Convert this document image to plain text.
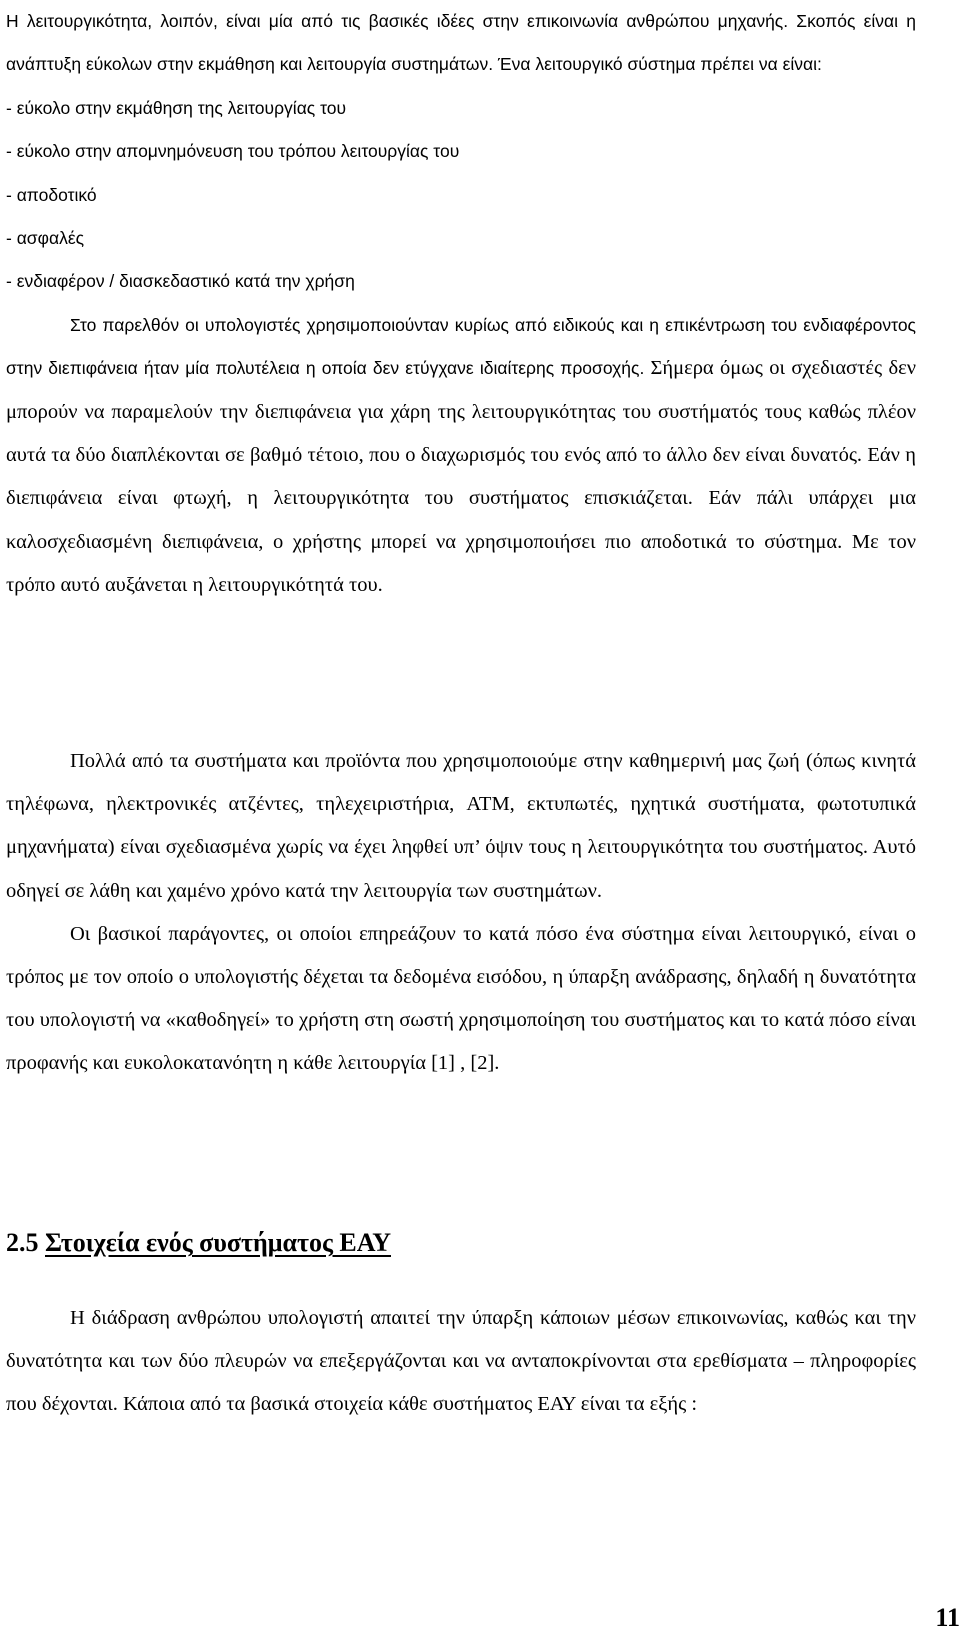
Η λειτουργικότητα, λοιπόν, είναι μία από τις βασικές ιδέες στην επικοινωνία ανθρώπου μηχανής. Σκοπός είναι η ανάπτυξη εύκολων στην εκμάθηση και λειτουργία συστημάτων. Ένα λειτουργικό σύστημα πρέπει να είναι:

- εύκολο στην εκμάθηση της λειτουργίας του

- εύκολο στην απομνημόνευση του τρόπου λειτουργίας του

- αποδοτικό

- ασφαλές

- ενδιαφέρον / διασκεδαστικό κατά την χρήση

Στο παρελθόν οι υπολογιστές χρησιμοποιούνταν κυρίως από ειδικούς και η επικέντρωση του ενδιαφέροντος στην διεπιφάνεια ήταν μία πολυτέλεια η οποία δεν ετύγχανε ιδιαίτερης προσοχής. Σήμερα όμως οι σχεδιαστές δεν μπορούν να παραμελούν την διεπιφάνεια για χάρη της λειτουργικότητας του συστήματός τους καθώς πλέον αυτά τα δύο διαπλέκονται σε βαθμό τέτοιο, που ο διαχωρισμός του ενός από το άλλο δεν είναι δυνατός. Εάν η διεπιφάνεια είναι φτωχή, η λειτουργικότητα του συστήματος επισκιάζεται. Εάν πάλι υπάρχει μια καλοσχεδιασμένη διεπιφάνεια, ο χρήστης μπορεί να χρησιμοποιήσει πιο αποδοτικά το σύστημα. Με τον τρόπο αυτό αυξάνεται η λειτουργικότητά του.

Πολλά από τα συστήματα και προϊόντα που χρησιμοποιούμε στην καθημερινή μας ζωή (όπως κινητά τηλέφωνα, ηλεκτρονικές ατζέντες, τηλεχειριστήρια, ATM, εκτυπωτές, ηχητικά συστήματα, φωτοτυπικά μηχανήματα) είναι σχεδιασμένα χωρίς να έχει ληφθεί υπ’ όψιν τους η λειτουργικότητα του συστήματος. Αυτό οδηγεί σε λάθη και χαμένο χρόνο κατά την λειτουργία των συστημάτων.

Οι βασικοί παράγοντες, οι οποίοι επηρεάζουν το κατά πόσο ένα σύστημα είναι λειτουργικό, είναι ο τρόπος με τον οποίο ο υπολογιστής δέχεται τα δεδομένα εισόδου, η ύπαρξη ανάδρασης, δηλαδή η δυνατότητα του υπολογιστή να «καθοδηγεί» το χρήστη στη σωστή χρησιμοποίηση του συστήματος και το κατά πόσο είναι προφανής και ευκολοκατανόητη η κάθε λειτουργία [1] , [2].

2.5 Στοιχεία ενός συστήματος ΕΑΥ

Η διάδραση ανθρώπου υπολογιστή απαιτεί την ύπαρξη κάποιων μέσων επικοινωνίας, καθώς και την δυνατότητα και των δύο πλευρών να επεξεργάζονται και να ανταποκρίνονται στα ερεθίσματα – πληροφορίες που δέχονται. Κάποια από τα βασικά στοιχεία κάθε συστήματος ΕΑΥ είναι τα εξής :

11
